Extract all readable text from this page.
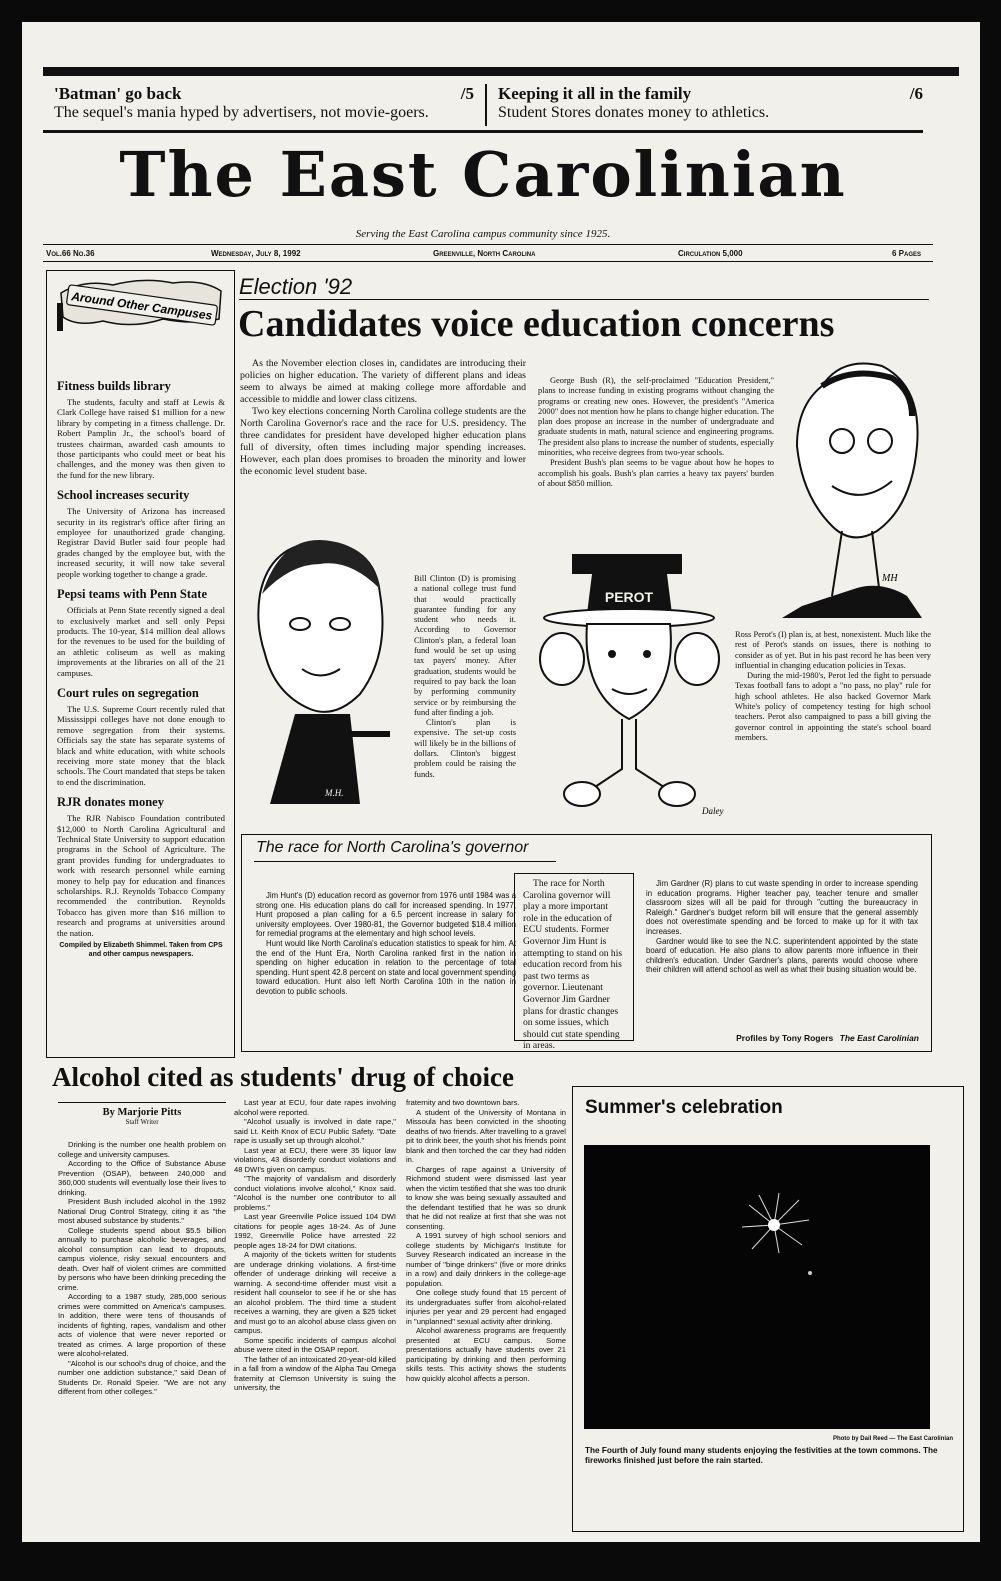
'Batman' go back	/5
The sequel's mania hyped by advertisers, not movie-goers.
Keeping it all in the family	/6
Student Stores donates money to athletics.
The East Carolinian
Serving the East Carolina campus community since 1925.
Vol.66 No.36	Wednesday, July 8, 1992	Greenville, North Carolina	Circulation 5,000	6 Pages
Around Other Campuses
Fitness builds library

The students, faculty and staff at Lewis & Clark College have raised $1 million for a new library by competing in a fitness challenge. Dr. Robert Pamplin Jr., the school's board of trustees chairman, awarded cash amounts to those participants who could meet or beat his challenges, and the money was then given to the fund for the new library.

School increases security

The University of Arizona has increased security in its registrar's office after firing an employee for unauthorized grade changing. Registrar David Butler said four people had grades changed by the employee but, with the increased security, it will now take several people working together to change a grade.

Pepsi teams with Penn State

Officials at Penn State recently signed a deal to exclusively market and sell only Pepsi products. The 10-year, $14 million deal allows for the revenues to be used for the building of an athletic coliseum as well as making improvements at the libraries on all of the 21 campuses.

Court rules on segregation

The U.S. Supreme Court recently ruled that Mississippi colleges have not done enough to remove segregation from their systems. Officials say the state has separate systems of black and white education, with white schools receiving more state money that the black schools. The Court mandated that steps be taken to end the discrimination.

RJR donates money

The RJR Nabisco Foundation contributed $12,000 to North Carolina Agricultural and Technical State University to support education programs in the School of Agriculture. The grant provides funding for undergraduates to work with research personnel while earning money to help pay for education and finances scholarships. R.J. Reynolds Tobacco Company recommended the contribution. Reynolds Tobacco has given more than $16 million to research and programs at universities around the nation.

Compiled by Elizabeth Shimmel. Taken from CPS and other campus newspapers.

Election '92
Candidates voice education concerns

As the November election closes in, candidates are introducing their policies on higher education. The variety of different plans and ideas seem to always be aimed at making college more affordable and accessible to middle and lower class citizens.

Two key elections concerning North Carolina college students are the North Carolina Governor's race and the race for U.S. presidency. The three candidates for president have developed higher education plans full of diversity, often times including major spending increases. However, each plan does promises to broaden the minority and lower the economic level student base.

George Bush (R), the self-proclaimed "Education President," plans to increase funding in existing programs without changing the programs or creating new ones. However, the president's "America 2000" does not mention how he plans to change higher education. The plan does propose an increase in the number of undergraduate and graduate students in math, natural science and engineering programs. The president also plans to increase the number of students, especially minorities, who receive degrees from two-year schools.

President Bush's plan seems to be vague about how he hopes to accomplish his goals. Bush's plan carries a heavy tax payers' burden of about $850 million.

MH
M.H.

Bill Clinton (D) is promising a national college trust fund that would practically guarantee funding for any student who needs it. According to Governor Clinton's plan, a federal loan fund would be set up using tax payers' money. After graduation, students would be required to pay back the loan by performing community service or by reimbursing the fund after finding a job.

Clinton's plan is expensive. The set-up costs will likely be in the billions of dollars. Clinton's biggest problem could be raising the funds.

PEROT
Daley

Ross Perot's (I) plan is, at best, nonexistent. Much like the rest of Perot's stands on issues, there is nothing to consider as of yet. But in his past record he has been very influential in changing education policies in Texas.

During the mid-1980's, Perot led the fight to persuade Texas football fans to adopt a "no pass, no play" rule for high school athletes. He also backed Governor Mark White's policy of competency testing for high school teachers. Perot also campaigned to pass a bill giving the governor control in appointing the state's school board members.

The race for North Carolina's governor

Jim Hunt's (D) education record as governor from 1976 until 1984 was a strong one. His education plans do call for increased spending. In 1977, Hunt proposed a plan calling for a 6.5 percent increase in salary for university employees. Over 1980-81, the Governor budgeted $18.4 million for remedial programs at the elementary and high school levels.

Hunt would like North Carolina's education statistics to speak for him. At the end of the Hunt Era, North Carolina ranked first in the nation in spending on higher education in relation to the percentage of total spending. Hunt spent 42.8 percent on state and local government spending toward education. Hunt also left North Carolina 10th in the nation in devotion to public schools.

The race for North Carolina governor will play a more important role in the education of ECU students. Former Governor Jim Hunt is attempting to stand on his education record from his past two terms as governor. Lieutenant Governor Jim Gardner plans for drastic changes on some issues, which should cut state spending in areas.

Jim Gardner (R) plans to cut waste spending in order to increase spending in education programs. Higher teacher pay, teacher tenure and smaller classroom sizes will all be paid for through "cutting the bureaucracy in Raleigh." Gardner's budget reform bill will ensure that the general assembly does not overestimate spending and be forced to make up for it with tax increases.

Gardner would like to see the N.C. superintendent appointed by the state board of education. He also plans to allow parents more influence in their children's education. Under Gardner's plans, parents would choose where their children will attend school as well as what their busing situation would be.

Profiles by Tony Rogers The East Carolinian
Alcohol cited as students' drug of choice
By Marjorie Pitts
Staff Writer

Drinking is the number one health problem on college and university campuses.

According to the Office of Substance Abuse Prevention (OSAP), between 240,000 and 360,000 students will eventually lose their lives to drinking.

President Bush included alcohol in the 1992 National Drug Control Strategy, citing it as "the most abused substance by students."

College students spend about $5.5 billion annually to purchase alcoholic beverages, and alcohol consumption can lead to dropouts, campus violence, risky sexual encounters and death. Over half of violent crimes are committed by persons who have been drinking preceding the crime.

According to a 1987 study, 285,000 serious crimes were committed on America's campuses. In addition, there were tens of thousands of incidents of fighting, rapes, vandalism and other acts of violence that were never reported or treated as crimes. A large proportion of these were alcohol-related.

"Alcohol is our school's drug of choice, and the number one addiction substance," said Dean of Students Dr. Ronald Speier. "We are not any different from other colleges."

Last year at ECU, four date rapes involving alcohol were reported.

"Alcohol usually is involved in date rape," said Lt. Keith Knox of ECU Public Safety. "Date rape is usually set up through alcohol."

Last year at ECU, there were 35 liquor law violations, 43 disorderly conduct violations and 48 DWI's given on campus.

"The majority of vandalism and disorderly conduct violations involve alcohol," Knox said. "Alcohol is the number one contributor to all problems."

Last year Greenville Police issued 104 DWI citations for people ages 18-24. As of June 1992, Greenville Police have arrested 22 people ages 18-24 for DWI citations.

A majority of the tickets written for students are underage drinking violations. A first-time offender of underage drinking will receive a warning. A second-time offender must visit a resident hall counselor to see if he or she has an alcohol problem. The third time a student receives a warning, they are given a $25 ticket and must go to an alcohol abuse class given on campus.

Some specific incidents of campus alcohol abuse were cited in the OSAP report.

The father of an intoxicated 20-year-old killed in a fall from a window of the Alpha Tau Omega fraternity at Clemson University is suing the university, the

fraternity and two downtown bars.

A student of the University of Montana in Missoula has been convicted in the shooting deaths of two friends. After travelling to a gravel pit to drink beer, the youth shot his friends point blank and then torched the car they had ridden in.

Charges of rape against a University of Richmond student were dismissed last year when the victim testified that she was too drunk to know she was being sexually assaulted and the defendant testified that he was so drunk that he did not realize at first that she was not consenting.

A 1991 survey of high school seniors and college students by Michigan's Institute for Survey Research indicated an increase in the number of "binge drinkers" (five or more drinks in a row) and daily drinkers in the college-age population.

One college study found that 15 percent of its undergraduates suffer from alcohol-related injuries per year and 29 percent had engaged in "unplanned" sexual activity after drinking.

Alcohol awareness programs are frequently presented at ECU campus. Some presentations actually have students over 21 participating by drinking and then performing skills tests. This activity shows the students how quickly alcohol affects a person.

Summer's celebration
Photo by Dail Reed — The East Carolinian

The Fourth of July found many students enjoying the festivities at the town commons. The fireworks finished just before the rain started.
